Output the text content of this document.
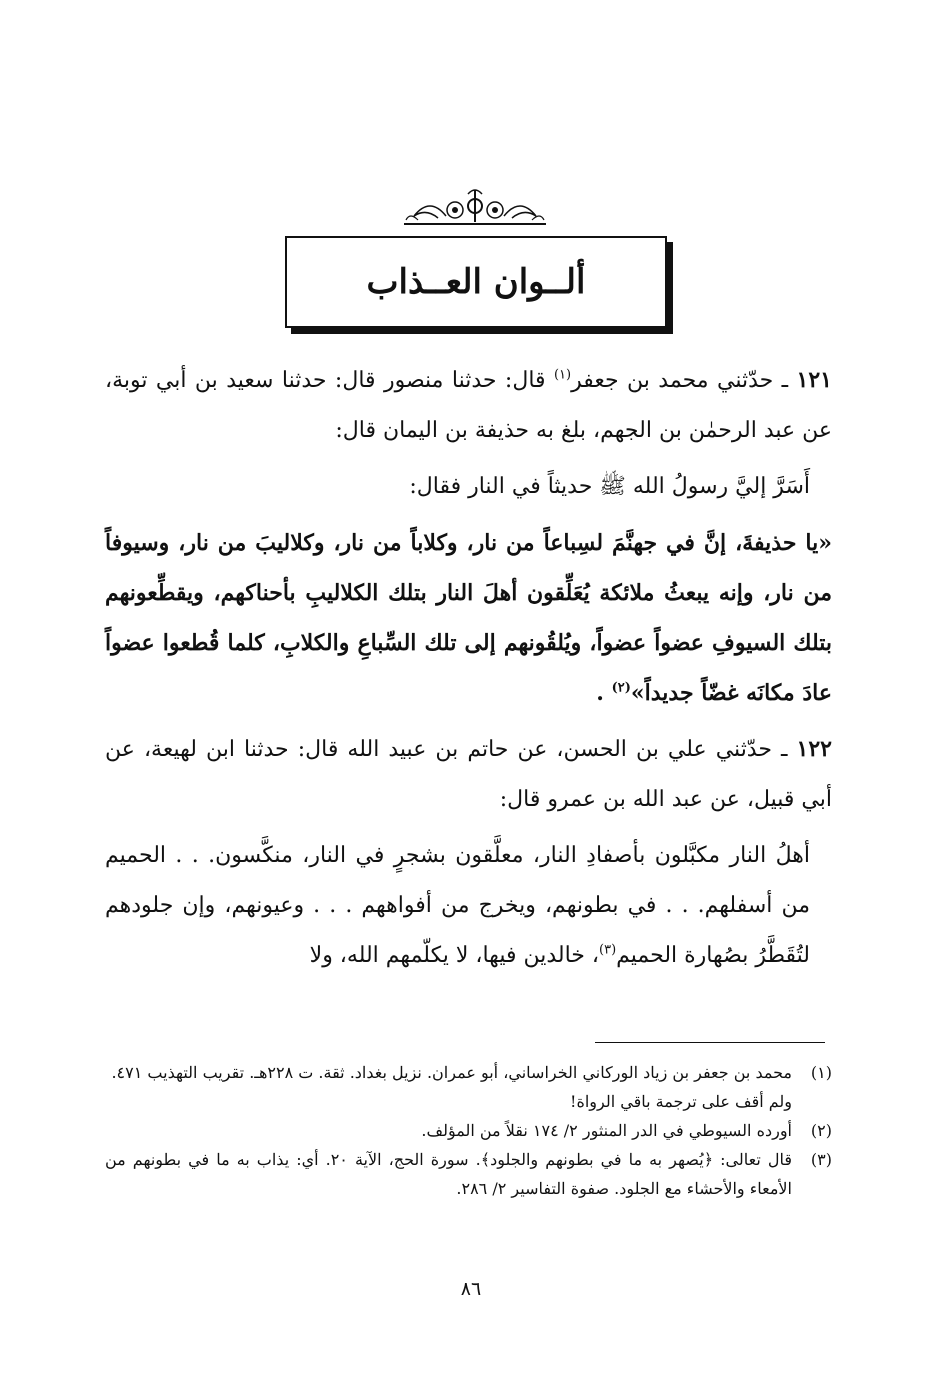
ألــوان العــذاب

١٢١ ـ حدّثني محمد بن جعفر$^{(١)}$ قال: حدثنا منصور قال: حدثنا سعيد بن أبي توبة، عن عبد الرحمٰن بن الجهم، بلغ به حذيفة بن اليمان قال:

أَسَرَّ إليَّ رسولُ الله ﷺ حديثاً في النار فقال:

«يا حذيفةَ، إنَّ في جهنَّمَ لسِباعاً من نار، وكلاباً من نار، وكلاليبَ من نار، وسيوفاً من نار، وإنه يبعثُ ملائكة يُعَلِّقون أهلَ النار بتلك الكلاليبِ بأحناكهم، ويقطِّعونهم بتلك السيوفِ عضواً عضواً، ويُلقُونهم إلى تلك السِّباعِ والكلابِ، كلما قُطعوا عضواً عادَ مكانَه غضّاً جديداً»$^{(٢)}$ .

١٢٢ ـ حدّثني علي بن الحسن، عن حاتم بن عبيد الله قال: حدثنا ابن لهيعة، عن أبي قبيل، عن عبد الله بن عمرو قال:

أهلُ النار مكبَّلون بأصفادِ النار، معلَّقون بشجرٍ في النار، منكَّسون. . . الحميم من أسفلهم. . . في بطونهم، ويخرج من أفواههم . . . وعيونهم، وإن جلودهم لتُقَطَّرُ بصُهارة الحميم$^{(٣)}$، خالدين فيها، لا يكلّمهم الله، ولا

(١)
محمد بن جعفر بن زياد الوركاني الخراساني، أبو عمران. نزيل بغداد. ثقة. ت ٢٢٨هـ. تقريب التهذيب ٤٧١.
ولم أقف على ترجمة باقي الرواة!
(٢)
أورده السيوطي في الدر المنثور ٢/ ١٧٤ نقلاً من المؤلف.
(٣)
قال تعالى: ﴿يُصهر به ما في بطونهم والجلود﴾. سورة الحج، الآية ٢٠. أي: يذاب به ما في بطونهم من الأمعاء والأحشاء مع الجلود. صفوة التفاسير ٢/ ٢٨٦.
٨٦
